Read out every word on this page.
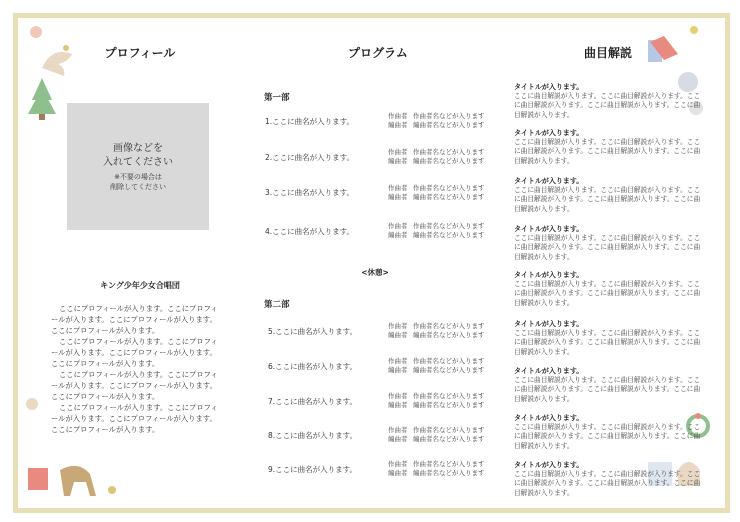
プロフィール	プログラム	曲目解説
画像などを
入れてください
※不要の場合は
削除してください
キング少年少女合唱団

ここにプロフィールが入ります。ここにプロフィールが入ります。ここにプロフィールが入ります。ここにプロフィールが入ります。

ここにプロフィールが入ります。ここにプロフィールが入ります。ここにプロフィールが入ります。ここにプロフィールが入ります。

ここにプロフィールが入ります。ここにプロフィールが入ります。ここにプロフィールが入ります。ここにプロフィールが入ります。

ここにプロフィールが入ります。ここにプロフィールが入ります。ここにプロフィールが入ります。ここにプロフィールが入ります。

第一部
第二部
<休憩>
1.ここに曲名が入ります。
作曲者 作曲者名などが入ります
編曲者 編曲者名などが入ります
2.ここに曲名が入ります。
作曲者 作曲者名などが入ります
編曲者 編曲者名などが入ります
3.ここに曲名が入ります。	作曲者 作曲者名などが入ります
編曲者 編曲者名などが入ります
4.ここに曲名が入ります。
作曲者 作曲者名などが入ります
編曲者 編曲者名などが入ります
5.ここに曲名が入ります。
作曲者 作曲者名などが入ります
編曲者 編曲者名などが入ります
6.ここに曲名が入ります。
作曲者 作曲者名などが入ります
編曲者 編曲者名などが入ります
7.ここに曲名が入ります。
作曲者 作曲者名などが入ります
編曲者 編曲者名などが入ります
8.ここに曲名が入ります。
作曲者 作曲者名などが入ります
編曲者 編曲者名などが入ります
9.ここに曲名が入ります。
作曲者 作曲者名などが入ります
編曲者 編曲者名などが入ります
タイトルが入ります。
ここに曲目解説が入ります。ここに曲目解説が入ります。ここに曲目解説が入ります。ここに曲目解説が入ります。ここに曲目解説が入ります。
タイトルが入ります。
ここに曲目解説が入ります。ここに曲目解説が入ります。ここに曲目解説が入ります。ここに曲目解説が入ります。ここに曲目解説が入ります。
タイトルが入ります。
ここに曲目解説が入ります。ここに曲目解説が入ります。ここに曲目解説が入ります。ここに曲目解説が入ります。ここに曲目解説が入ります。
タイトルが入ります。
ここに曲目解説が入ります。ここに曲目解説が入ります。ここに曲目解説が入ります。ここに曲目解説が入ります。ここに曲目解説が入ります。
タイトルが入ります。
ここに曲目解説が入ります。ここに曲目解説が入ります。ここに曲目解説が入ります。ここに曲目解説が入ります。ここに曲目解説が入ります。
タイトルが入ります。
ここに曲目解説が入ります。ここに曲目解説が入ります。ここに曲目解説が入ります。ここに曲目解説が入ります。ここに曲目解説が入ります。
タイトルが入ります。
ここに曲目解説が入ります。ここに曲目解説が入ります。ここに曲目解説が入ります。ここに曲目解説が入ります。ここに曲目解説が入ります。
タイトルが入ります。
ここに曲目解説が入ります。ここに曲目解説が入ります。ここに曲目解説が入ります。ここに曲目解説が入ります。ここに曲目解説が入ります。
タイトルが入ります。
ここに曲目解説が入ります。ここに曲目解説が入ります。ここに曲目解説が入ります。ここに曲目解説が入ります。ここに曲目解説が入ります。
